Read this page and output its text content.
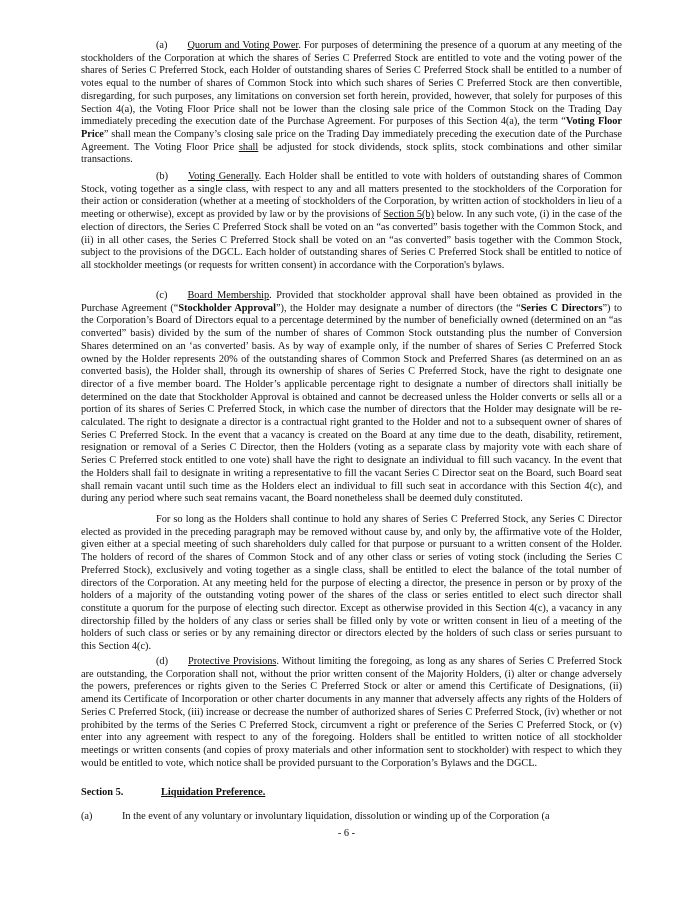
(a) Quorum and Voting Power. For purposes of determining the presence of a quorum at any meeting of the stockholders of the Corporation at which the shares of Series C Preferred Stock are entitled to vote and the voting power of the shares of Series C Preferred Stock, each Holder of outstanding shares of Series C Preferred Stock shall be entitled to a number of votes equal to the number of shares of Common Stock into which such shares of Series C Preferred Stock are then convertible, disregarding, for such purposes, any limitations on conversion set forth herein, provided, however, that solely for purposes of this Section 4(a), the Voting Floor Price shall not be lower than the closing sale price of the Common Stock on the Trading Day immediately preceding the execution date of the Purchase Agreement. For purposes of this Section 4(a), the term “Voting Floor Price” shall mean the Company’s closing sale price on the Trading Day immediately preceding the execution date of the Purchase Agreement. The Voting Floor Price shall be adjusted for stock dividends, stock splits, stock combinations and other similar transactions.

(b) Voting Generally. Each Holder shall be entitled to vote with holders of outstanding shares of Common Stock, voting together as a single class, with respect to any and all matters presented to the stockholders of the Corporation for their action or consideration (whether at a meeting of stockholders of the Corporation, by written action of stockholders in lieu of a meeting or otherwise), except as provided by law or by the provisions of Section 5(b) below. In any such vote, (i) in the case of the election of directors, the Series C Preferred Stock shall be voted on an “as converted” basis together with the Common Stock, and (ii) in all other cases, the Series C Preferred Stock shall be voted on an “as converted” basis together with the Common Stock, subject to the provisions of the DGCL. Each holder of outstanding shares of Series C Preferred Stock shall be entitled to notice of all stockholder meetings (or requests for written consent) in accordance with the Corporation's bylaws.

(c) Board Membership. Provided that stockholder approval shall have been obtained as provided in the Purchase Agreement (“Stockholder Approval”), the Holder may designate a number of directors (the “Series C Directors”) to the Corporation’s Board of Directors equal to a percentage determined by the number of beneficially owned (determined on an “as converted” basis) divided by the sum of the number of shares of Common Stock outstanding plus the number of Conversion Shares determined on an ‘as converted’ basis. As by way of example only, if the number of shares of Series C Preferred Stock owned by the Holder represents 20% of the outstanding shares of Common Stock and Preferred Shares (as determined on an as converted basis), the Holder shall, through its ownership of shares of Series C Preferred Stock, have the right to designate one director of a five member board. The Holder’s applicable percentage right to designate a number of directors shall initially be determined on the date that Stockholder Approval is obtained and cannot be decreased unless the Holder converts or sells all or a portion of its shares of Series C Preferred Stock, in which case the number of directors that the Holder may designate will be re-calculated. The right to designate a director is a contractual right granted to the Holder and not to a subsequent owner of shares of Series C Preferred Stock. In the event that a vacancy is created on the Board at any time due to the death, disability, retirement, resignation or removal of a Series C Director, then the Holders (voting as a separate class by majority vote with each share of Series C Preferred stock entitled to one vote) shall have the right to designate an individual to fill such vacancy. In the event that the Holders shall fail to designate in writing a representative to fill the vacant Series C Director seat on the Board, such Board seat shall remain vacant until such time as the Holders elect an individual to fill such seat in accordance with this Section 4(c), and during any period where such seat remains vacant, the Board nonetheless shall be deemed duly constituted.

For so long as the Holders shall continue to hold any shares of Series C Preferred Stock, any Series C Director elected as provided in the preceding paragraph may be removed without cause by, and only by, the affirmative vote of the Holder, given either at a special meeting of such shareholders duly called for that purpose or pursuant to a written consent of the Holder. The holders of record of the shares of Common Stock and of any other class or series of voting stock (including the Series C Preferred Stock), exclusively and voting together as a single class, shall be entitled to elect the balance of the total number of directors of the Corporation. At any meeting held for the purpose of electing a director, the presence in person or by proxy of the holders of a majority of the outstanding voting power of the shares of the class or series entitled to elect such director shall constitute a quorum for the purpose of electing such director. Except as otherwise provided in this Section 4(c), a vacancy in any directorship filled by the holders of any class or series shall be filled only by vote or written consent in lieu of a meeting of the holders of such class or series or by any remaining director or directors elected by the holders of such class or series pursuant to this Section 4(c).

(d) Protective Provisions. Without limiting the foregoing, as long as any shares of Series C Preferred Stock are outstanding, the Corporation shall not, without the prior written consent of the Majority Holders, (i) alter or change adversely the powers, preferences or rights given to the Series C Preferred Stock or alter or amend this Certificate of Designations, (ii) amend its Certificate of Incorporation or other charter documents in any manner that adversely affects any rights of the Holders of Series C Preferred Stock, (iii) increase or decrease the number of authorized shares of Series C Preferred Stock, (iv) whether or not prohibited by the terms of the Series C Preferred Stock, circumvent a right or preference of the Series C Preferred Stock, or (v) enter into any agreement with respect to any of the foregoing. Holders shall be entitled to written notice of all stockholder meetings or written consents (and copies of proxy materials and other information sent to stockholder) with respect to which they would be entitled to vote, which notice shall be provided pursuant to the Corporation’s Bylaws and the DGCL.

Section 5.	Liquidation Preference.
(a)	In the event of any voluntary or involuntary liquidation, dissolution or winding up of the Corporation (a
- 6 -
